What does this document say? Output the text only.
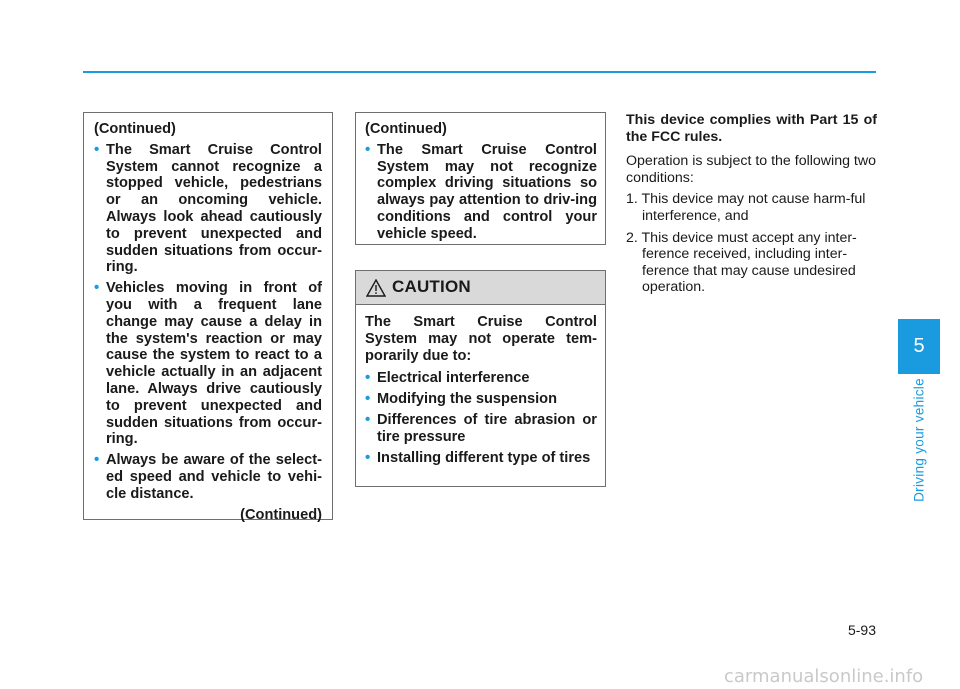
(Continued)

• The Smart Cruise Control System cannot recognize a stopped vehicle, pedestrians or an oncoming vehicle. Always look ahead cautiously to prevent unexpected and sudden situations from occur-ring.
• Vehicles moving in front of you with a frequent lane change may cause a delay in the system's reaction or may cause the system to react to a vehicle actually in an adjacent lane. Always drive cautiously to prevent unexpected and sudden situations from occur-ring.
• Always be aware of the select-ed speed and vehicle to vehi-cle distance.

(Continued)

(Continued)

• The Smart Cruise Control System may not recognize complex driving situations so always pay attention to driv-ing conditions and control your vehicle speed.
CAUTION

The Smart Cruise Control System may not operate tem-porarily due to:

• Electrical interference
• Modifying the suspension
• Differences of tire abrasion or tire pressure
• Installing different type of tires

This device complies with Part 15 of the FCC rules.

Operation is subject to the following two conditions:

1. This device may not cause harm-ful interference, and
2. This device must accept any inter-ference received, including inter-ference that may cause undesired operation.
5
Driving your vehicle
5-93
carmanualsonline.info
